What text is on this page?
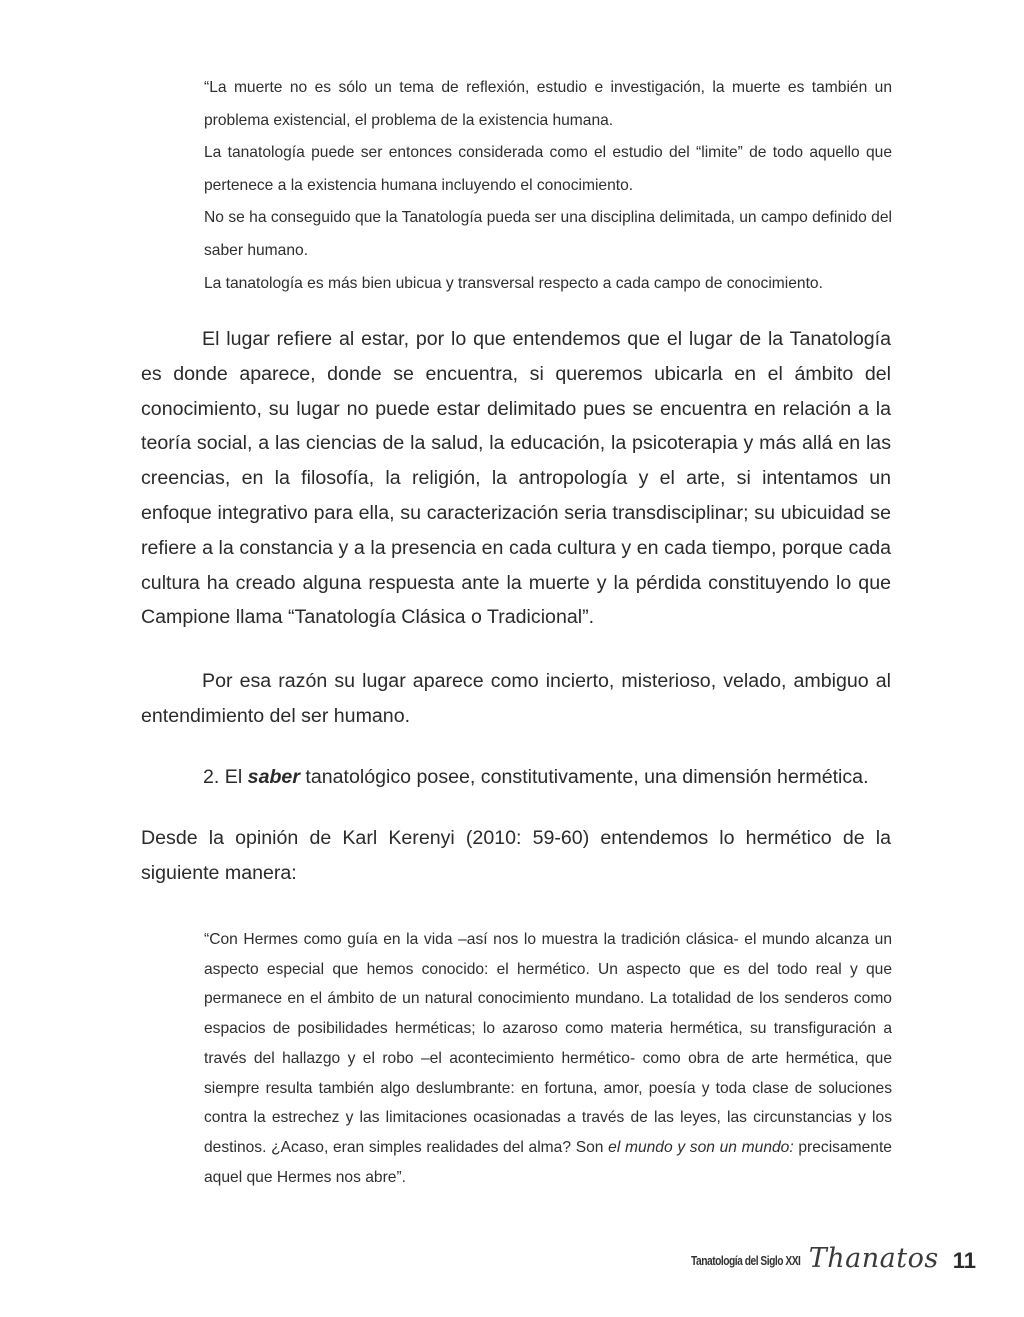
“La muerte no es sólo un tema de reflexión, estudio e investigación, la muerte es también un problema existencial, el problema de la existencia humana.

La tanatología puede ser entonces considerada como el estudio del “limite” de todo aquello que pertenece a la existencia humana incluyendo el conocimiento.

No se ha conseguido que la Tanatología pueda ser una disciplina delimitada, un campo definido del saber humano.

La tanatología es más bien ubicua y transversal respecto a cada campo de conocimiento.

El lugar refiere al estar, por lo que entendemos que el lugar de la Tanatología es donde aparece, donde se encuentra, si queremos ubicarla en el ámbito del conocimiento, su lugar no puede estar delimitado pues se encuentra en relación a la teoría social, a las ciencias de la salud, la educación, la psicoterapia y más allá en las creencias, en la filosofía, la religión, la antropología y el arte, si intentamos un enfoque integrativo para ella, su caracterización seria transdisciplinar; su ubicuidad se refiere a la constancia y a la presencia en cada cultura y en cada tiempo, porque cada cultura ha creado alguna respuesta ante la muerte y la pérdida constituyendo lo que Campione llama “Tanatología Clásica o Tradicional”.

Por esa razón su lugar aparece como incierto, misterioso, velado, ambiguo al entendimiento del ser humano.

2. El saber tanatológico posee, constitutivamente, una dimensión hermética.

Desde la opinión de Karl Kerenyi (2010: 59-60) entendemos lo hermético de la siguiente manera:

“Con Hermes como guía en la vida –así nos lo muestra la tradición clásica- el mundo alcanza un aspecto especial que hemos conocido: el hermético. Un aspecto que es del todo real y que permanece en el ámbito de un natural conocimiento mundano. La totalidad de los senderos como espacios de posibilidades herméticas; lo azaroso como materia hermética, su transfiguración a través del hallazgo y el robo –el acontecimiento hermético- como obra de arte hermética, que siempre resulta también algo deslumbrante: en fortuna, amor, poesía y toda clase de soluciones contra la estrechez y las limitaciones ocasionadas a través de las leyes, las circunstancias y los destinos. ¿Acaso, eran simples realidades del alma? Son el mundo y son un mundo: precisamente aquel que Hermes nos abre”.

Tanatología del Siglo XXI Thanatos 11
